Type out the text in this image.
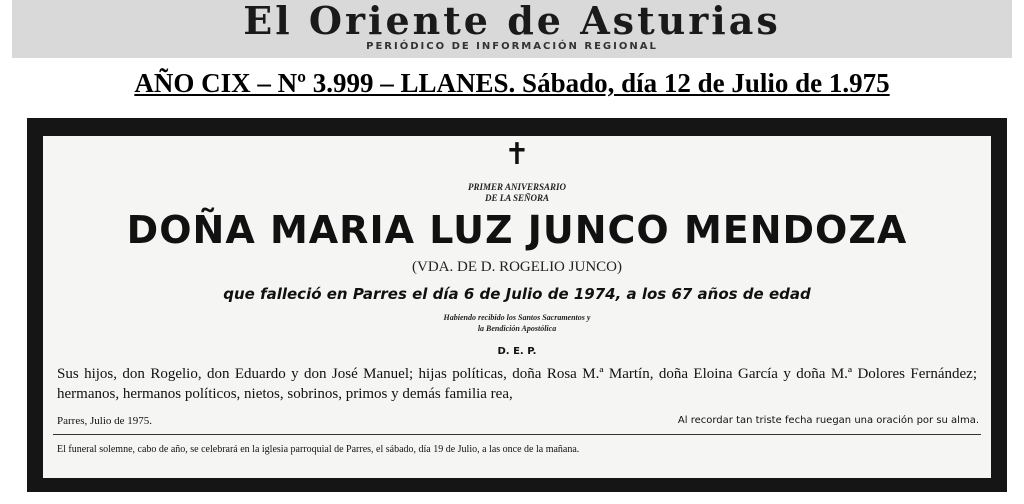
El Oriente de Asturias
PERIÓDICO DE INFORMACIÓN REGIONAL
AÑO CIX – Nº 3.999 – LLANES. Sábado, día 12 de Julio de 1.975
✝
PRIMER ANIVERSARIO
DE LA SEÑORA
DOÑA MARIA LUZ JUNCO MENDOZA
(VDA. DE D. ROGELIO JUNCO)
que falleció en Parres el día 6 de Julio de 1974, a los 67 años de edad
Habiendo recibido los Santos Sacramentos y
la Bendición Apostólica
D. E. P.
Sus hijos, don Rogelio, don Eduardo y don José Manuel; hijas políticas, doña Rosa M.ª Martín, doña Eloina García y doña M.ª Dolores Fernández; hermanos, hermanos políticos, nietos, sobrinos, primos y demás familia rea,
Parres, Julio de 1975.	Al recordar tan triste fecha ruegan una oración por su alma.
El funeral solemne, cabo de año, se celebrará en la iglesia parroquial de Parres, el sábado, día 19 de Julio, a las once de la mañana.
